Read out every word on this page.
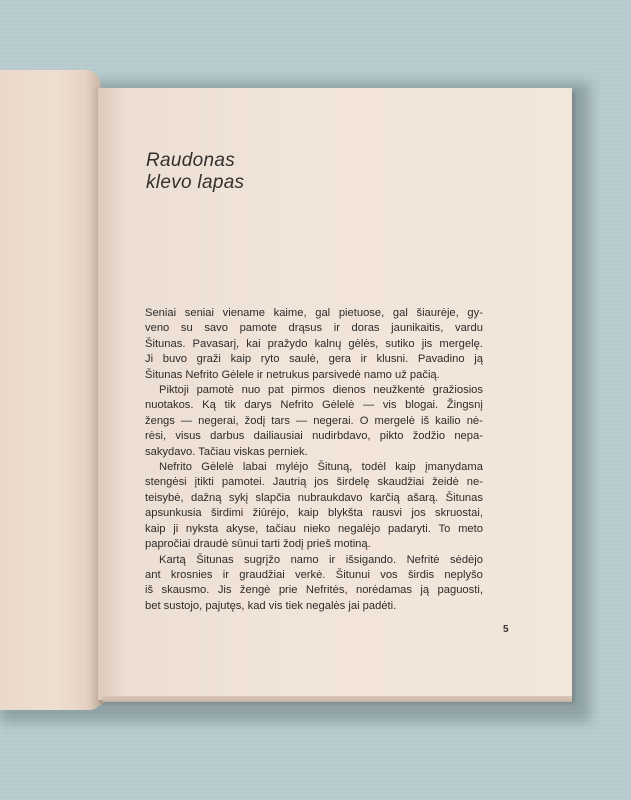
Raudonas
klevo lapas
Seniai seniai viename kaime, gal pietuose, gal šiaurėje, gy-
veno su savo pamote drąsus ir doras jaunikaitis, vardu
Šitunas. Pavasarį, kai pražydo kalnų gėlės, sutiko jis mergelę.
Ji buvo graži kaip ryto saulė, gera ir klusni. Pavadino ją
Šitunas Nefrito Gėlele ir netrukus parsivedė namo už pačią.
Piktoji pamotė nuo pat pirmos dienos neužkentė gražiosios
nuotakos. Ką tik darys Nefrito Gėlelė — vis blogai. Žingsnį
žengs — negerai, žodį tars — negerai. O mergelė iš kailio nė-
rėsi, visus darbus dailiausiai nudirbdavo, pikto žodžio nepa-
sakydavo. Tačiau viskas perniek.
Nefrito Gėlelė labai mylėjo Šituną, todėl kaip įmanydama
stengėsi įtikti pamotei. Jautrią jos širdelę skaudžiai žeidė ne-
teisybė, dažną sykį slapčia nubraukdavo karčią ašarą. Šitunas
apsunkusia širdimi žiūrėjo, kaip blykšta rausvi jos skruostai,
kaip ji nyksta akyse, tačiau nieko negalėjo padaryti. To meto
papročiai draudė sūnui tarti žodį prieš motiną.
Kartą Šitunas sugrįžo namo ir išsigando. Nefritė sėdėjo
ant krosnies ir graudžiai verkė. Šitunui vos širdis neplyšo
iš skausmo. Jis žengė prie Nefritės, norėdamas ją paguosti,
bet sustojo, pajutęs, kad vis tiek negalės jai padėti.
5
